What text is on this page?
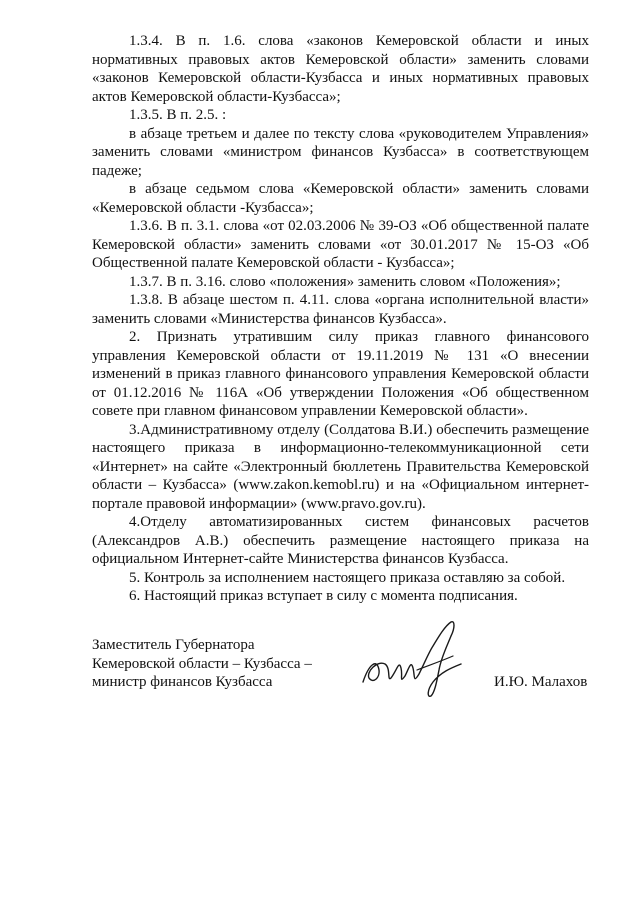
1.3.4. В п. 1.6. слова «законов Кемеровской области и иных нормативных правовых актов Кемеровской области» заменить словами «законов Кемеровской области-Кузбасса и иных нормативных правовых актов Кемеровской области-Кузбасса»;

1.3.5. В п. 2.5. :

в абзаце третьем и далее по тексту слова «руководителем Управления» заменить словами «министром финансов Кузбасса» в соответствующем падеже;

в абзаце седьмом слова «Кемеровской области» заменить словами «Кемеровской области -Кузбасса»;

1.3.6. В п. 3.1. слова «от 02.03.2006 № 39-ОЗ «Об общественной палате Кемеровской области» заменить словами «от 30.01.2017 № 15-ОЗ «Об Общественной палате Кемеровской области - Кузбасса»;

1.3.7. В п. 3.16. слово «положения» заменить словом «Положения»;

1.3.8. В абзаце шестом п. 4.11. слова «органа исполнительной власти» заменить словами «Министерства финансов Кузбасса».

2. Признать утратившим силу приказ главного финансового управления Кемеровской области от 19.11.2019 № 131 «О внесении изменений в приказ главного финансового управления Кемеровской области от 01.12.2016 № 116А «Об утверждении Положения «Об общественном совете при главном финансовом управлении Кемеровской области».

3.Административному отделу (Солдатова В.И.) обеспечить размещение настоящего приказа в информационно-телекоммуникационной сети «Интернет» на сайте «Электронный бюллетень Правительства Кемеровской области – Кузбасса» (www.zakon.kemobl.ru) и на «Официальном интернет-портале правовой информации» (www.pravo.gov.ru).

4.Отделу автоматизированных систем финансовых расчетов (Александров А.В.) обеспечить размещение настоящего приказа на официальном Интернет-сайте Министерства финансов Кузбасса.

5. Контроль за исполнением настоящего приказа оставляю за собой.

6. Настоящий приказ вступает в силу с момента подписания.

Заместитель Губернатора
Кемеровской области – Кузбасса –
министр финансов Кузбасса	И.Ю. Малахов
